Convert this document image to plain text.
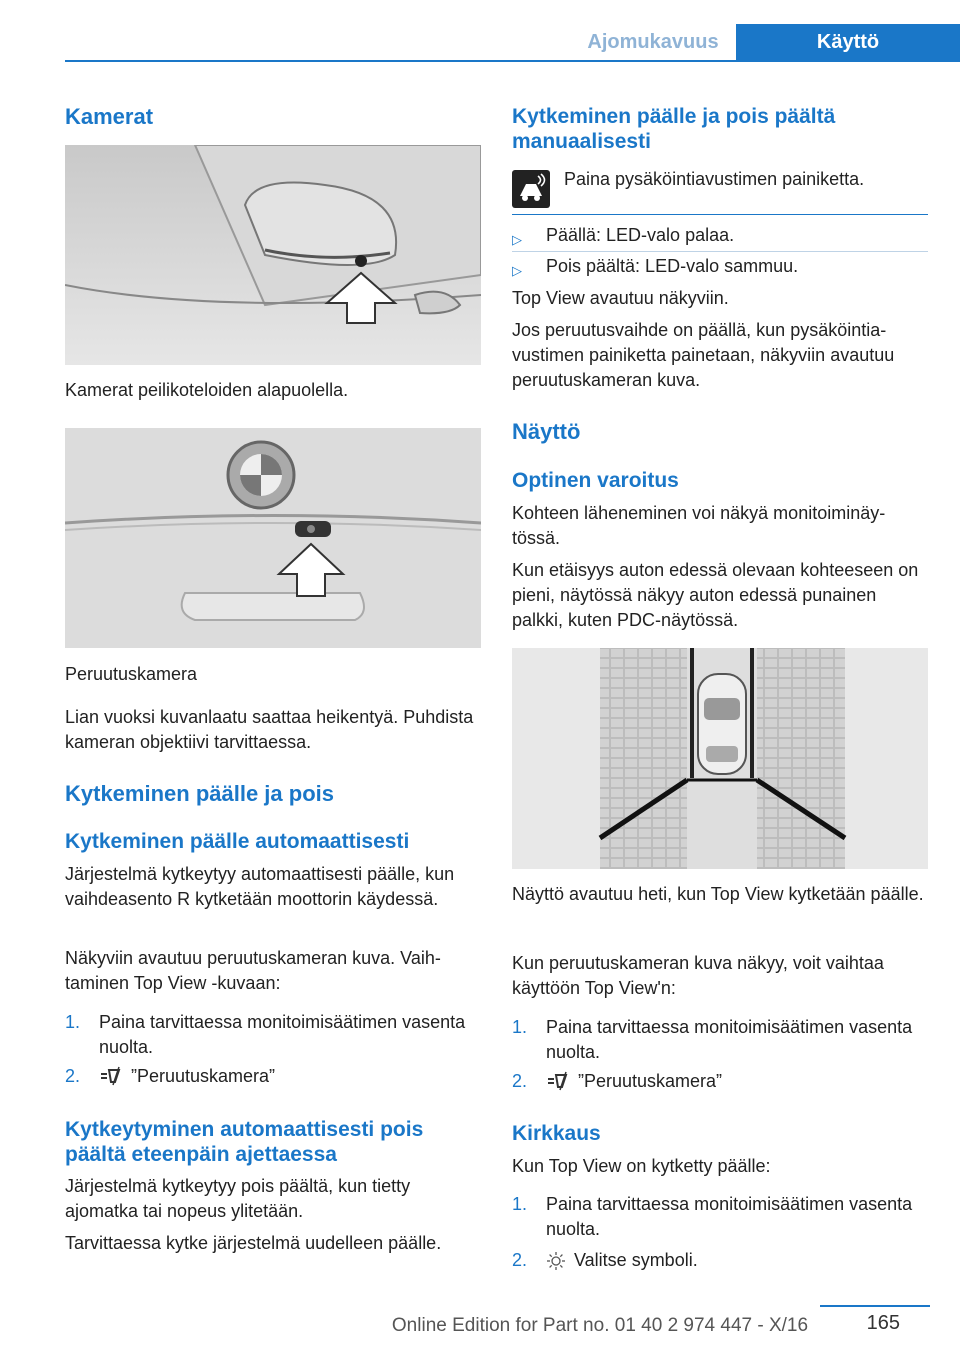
Ajomukavuus	Käyttö
Kamerat

Kamerat peilikoteloiden alapuolella.

Peruutuskamera

Lian vuoksi kuvanlaatu saattaa heikentyä. Puhdista kameran objektiivi tarvittaessa.

Kytkeminen päälle ja pois
Kytkeminen päälle automaattisesti

Järjestelmä kytkeytyy automaattisesti päälle, kun vaihdeasento R kytketään moottorin käydessä.

Näkyviin avautuu peruutuskameran kuva. Vaihtaminen Top View -kuvaan:

1. Paina tarvittaessa monitoimisäätimen vasenta nuolta.
2.	”Peruutuskamera”
Kytkeytyminen automaattisesti pois päältä eteenpäin ajettaessa

Järjestelmä kytkeytyy pois päältä, kun tietty ajomatka tai nopeus ylitetään.

Tarvittaessa kytke järjestelmä uudelleen päälle.

Kytkeminen päälle ja pois päältä manuaalisesti

Paina pysäköintiavustimen painiketta.

▷ Päällä: LED-valo palaa.
▷ Pois päältä: LED-valo sammuu.

Top View avautuu näkyviin.

Jos peruutusvaihde on päällä, kun pysäköintiavustimen painiketta painetaan, näkyviin avautuu peruutuskameran kuva.

Näyttö
Optinen varoitus

Kohteen läheneminen voi näkyä monitoiminäytössä.

Kun etäisyys auton edessä olevaan kohteeseen on pieni, näytössä näkyy auton edessä punainen palkki, kuten PDC-näytössä.

Näyttö avautuu heti, kun Top View kytketään päälle.

Kun peruutuskameran kuva näkyy, voit vaihtaa käyttöön Top View'n:

1. Paina tarvittaessa monitoimisäätimen vasenta nuolta.
2.	”Peruutuskamera”
Kirkkaus

Kun Top View on kytketty päälle:

1. Paina tarvittaessa monitoimisäätimen vasenta nuolta.
2.	Valitse symboli.
165
Online Edition for Part no. 01 40 2 974 447 - X/16
